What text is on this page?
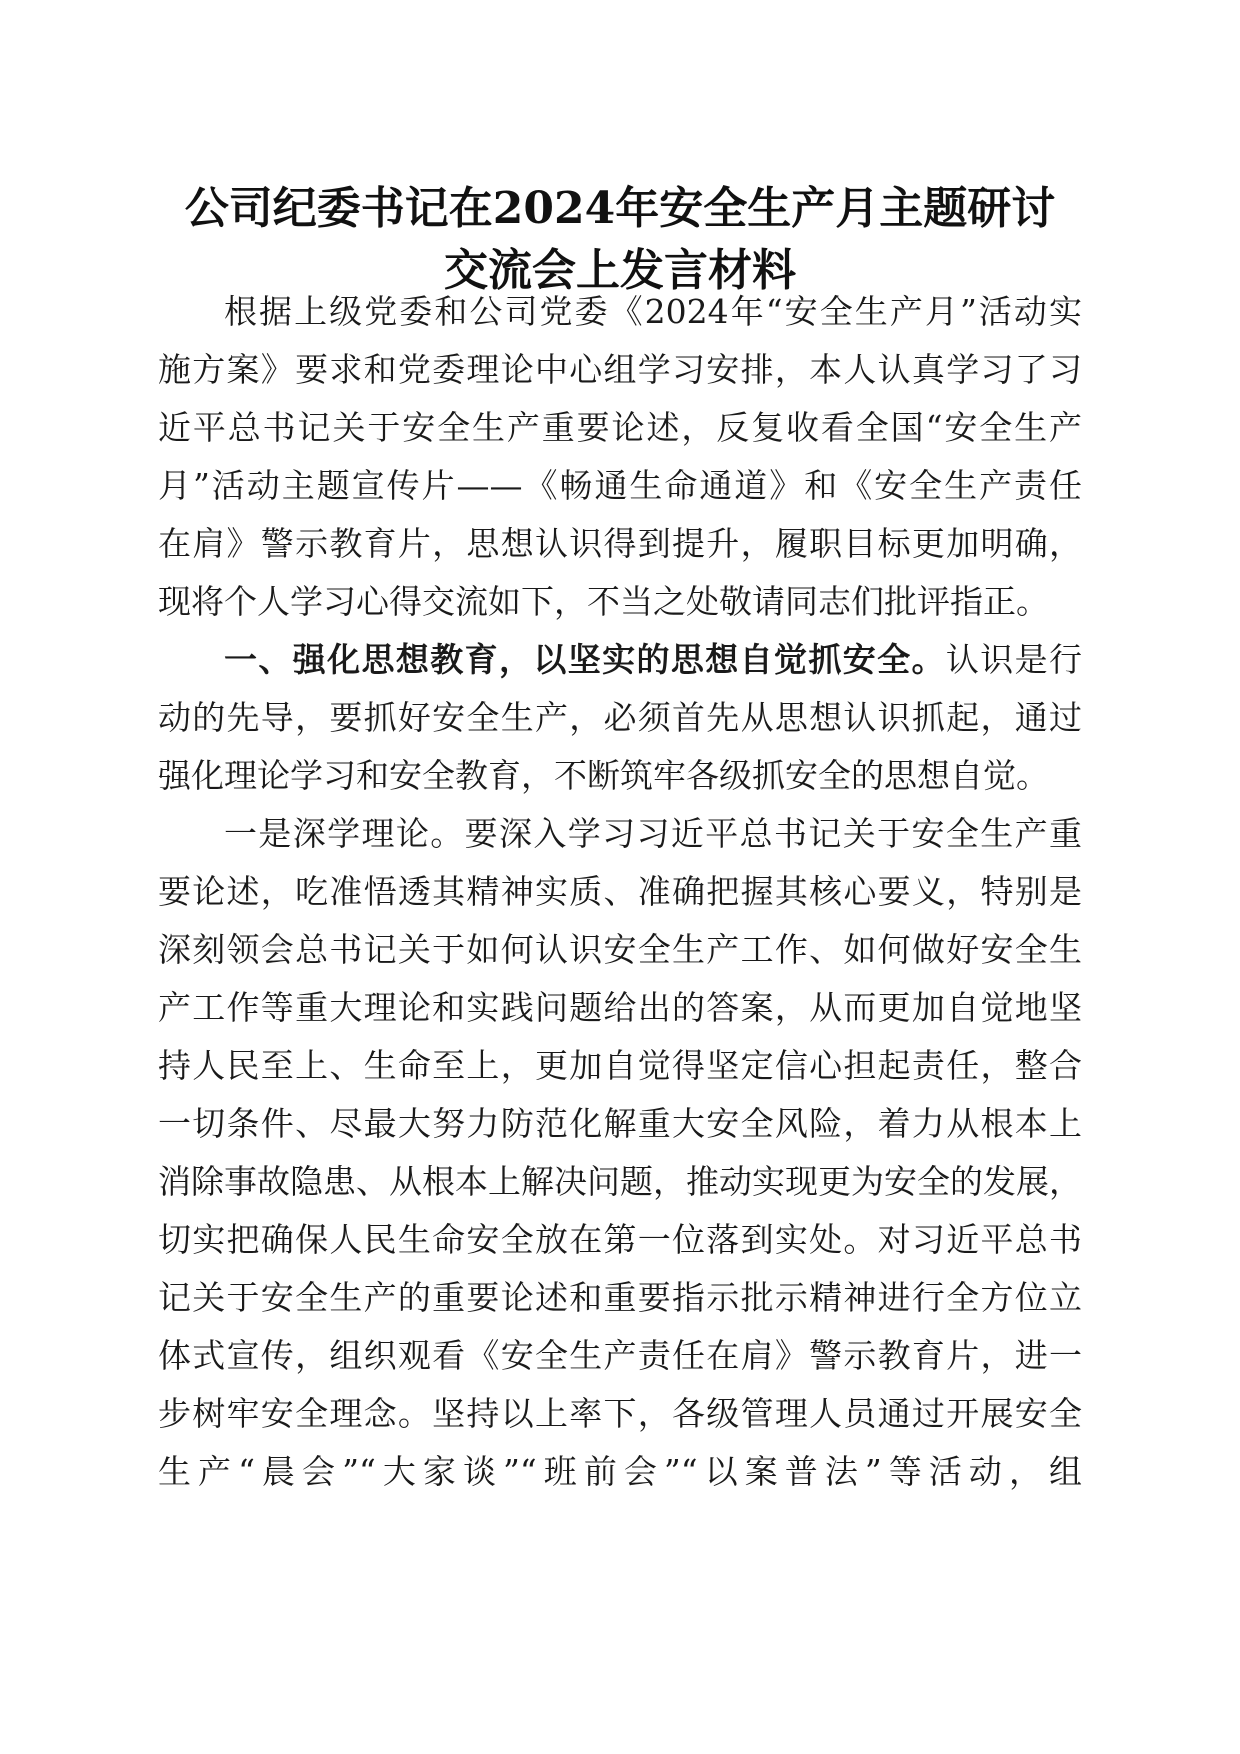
公司纪委书记在2024年安全生产月主题研讨
交流会上发言材料
根据上级党委和公司党委《2024年“安全生产月”活动实
施方案》要求和党委理论中心组学习安排，本人认真学习了习
近平总书记关于安全生产重要论述，反复收看全国“安全生产
月”活动主题宣传片——《畅通生命通道》和《安全生产责任
在肩》警示教育片，思想认识得到提升，履职目标更加明确，
现将个人学习心得交流如下，不当之处敬请同志们批评指正。
一、强化思想教育，以坚实的思想自觉抓安全。认识是行
动的先导，要抓好安全生产，必须首先从思想认识抓起，通过
强化理论学习和安全教育，不断筑牢各级抓安全的思想自觉。
一是深学理论。要深入学习习近平总书记关于安全生产重
要论述，吃准悟透其精神实质、准确把握其核心要义，特别是
深刻领会总书记关于如何认识安全生产工作、如何做好安全生
产工作等重大理论和实践问题给出的答案，从而更加自觉地坚
持人民至上、生命至上，更加自觉得坚定信心担起责任，整合
一切条件、尽最大努力防范化解重大安全风险，着力从根本上
消除事故隐患、从根本上解决问题，推动实现更为安全的发展，
切实把确保人民生命安全放在第一位落到实处。对习近平总书
记关于安全生产的重要论述和重要指示批示精神进行全方位立
体式宣传，组织观看《安全生产责任在肩》警示教育片，进一
步树牢安全理念。坚持以上率下，各级管理人员通过开展安全
生产“晨会”“大家谈”“班前会”“以案普法”等活动，组
